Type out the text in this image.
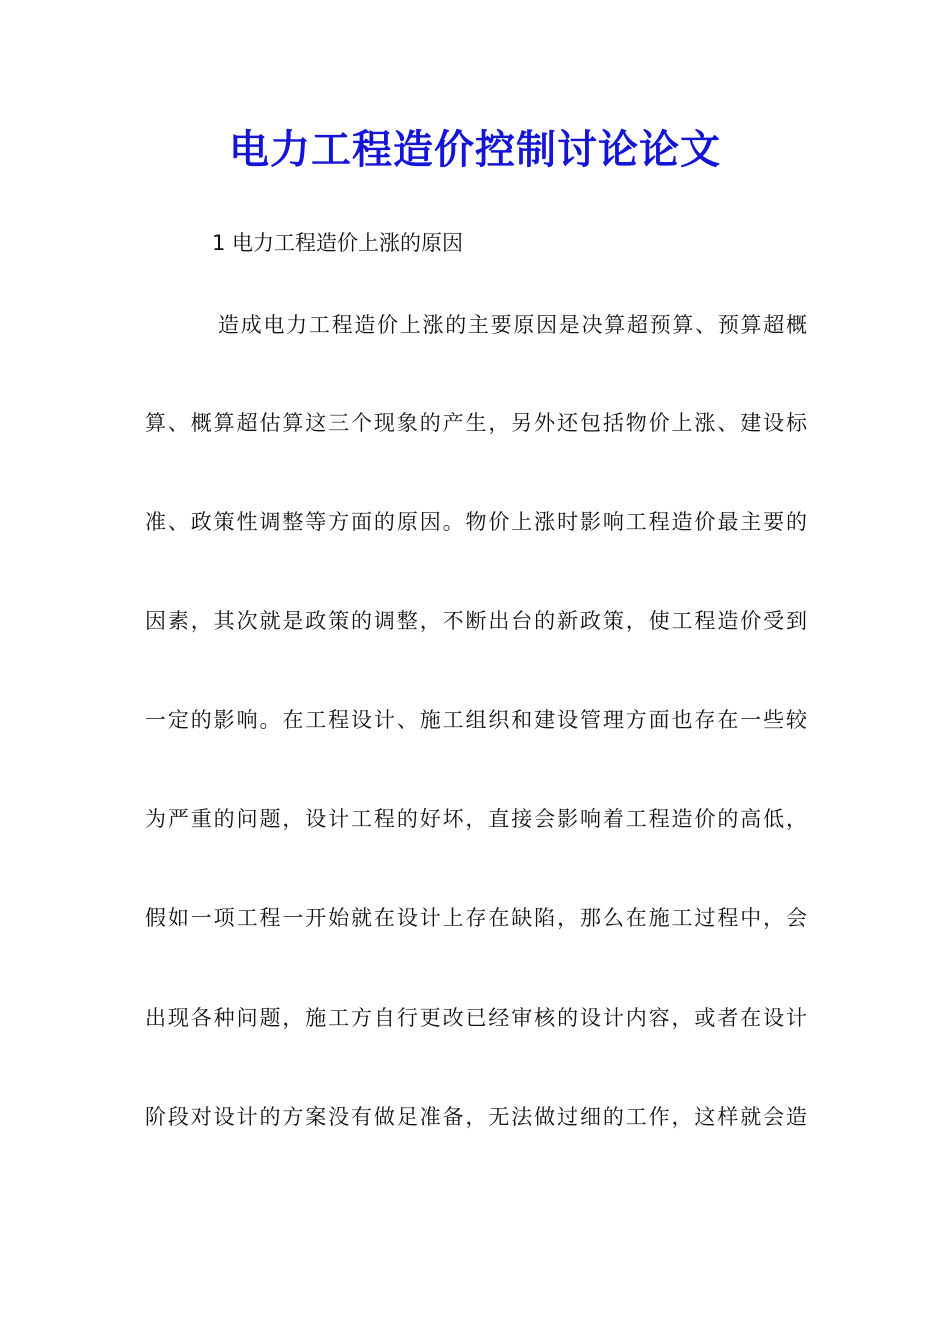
电力工程造价控制讨论论文
1 电力工程造价上涨的原因
造成电力工程造价上涨的主要原因是决算超预算、预算超概
算、概算超估算这三个现象的产生，另外还包括物价上涨、建设标
准、政策性调整等方面的原因。物价上涨时影响工程造价最主要的
因素，其次就是政策的调整，不断出台的新政策，使工程造价受到
一定的影响。在工程设计、施工组织和建设管理方面也存在一些较
为严重的问题，设计工程的好坏，直接会影响着工程造价的高低，
假如一项工程一开始就在设计上存在缺陷，那么在施工过程中，会
出现各种问题，施工方自行更改已经审核的设计内容，或者在设计
阶段对设计的方案没有做足准备，无法做过细的工作，这样就会造
